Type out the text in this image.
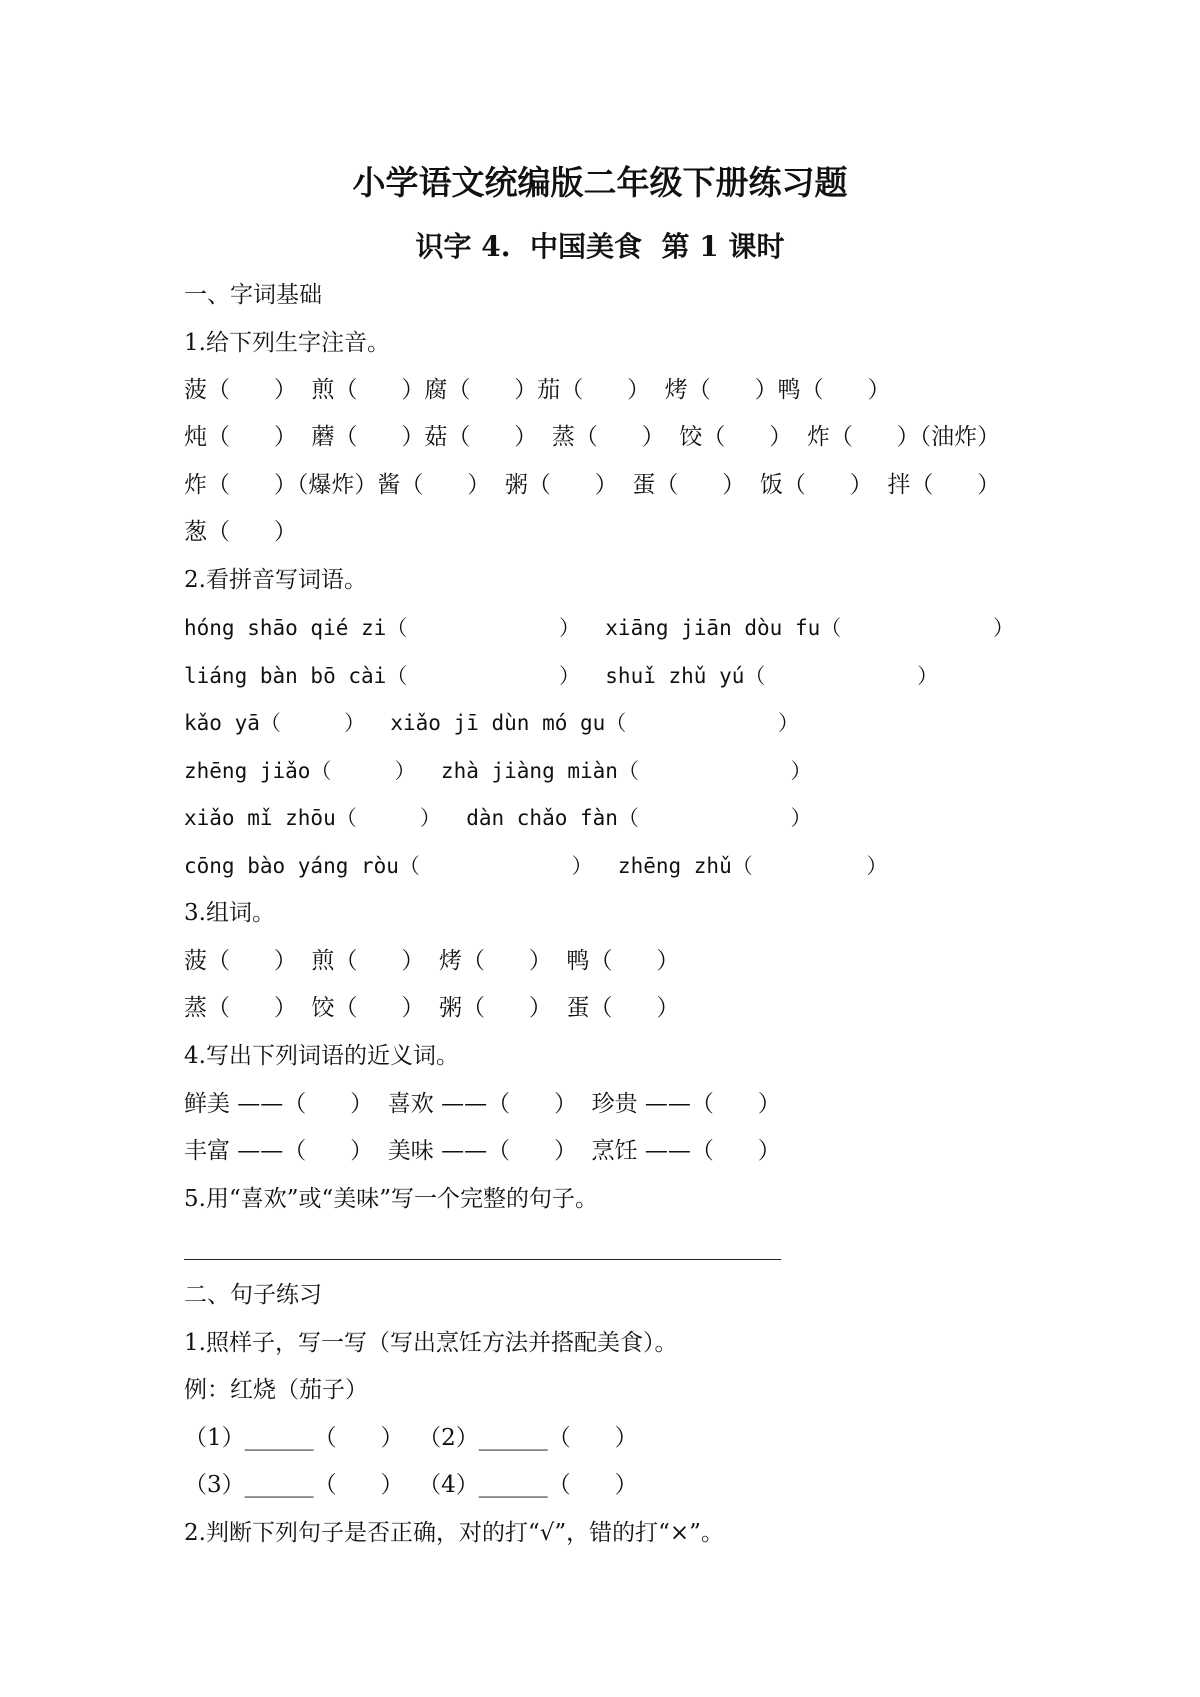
小学语文统编版二年级下册练习题
识字 4.  中国美食  第 1 课时
一、字词基础
1.给下列生字注音。
菠（      ）  煎（      ）腐（      ）茄（      ）  烤（      ）鸭（      ）
炖（      ）  蘑（      ）菇（      ）  蒸（      ）  饺（      ）  炸（      ）（油炸）
炸（      ）（爆炸）酱（      ）  粥（      ）  蛋（      ）  饭（      ）  拌（      ）
葱（      ）
2.看拼音写词语。
hóng shāo qié zi（            ）  xiāng jiān dòu fu（            ）
liáng bàn bō cài（            ）  shuǐ zhǔ yú（            ）
kǎo yā（     ）  xiǎo jī dùn mó gu（            ）
zhēng jiǎo（     ）  zhà jiàng miàn（            ）
xiǎo mǐ zhōu（     ）  dàn chǎo fàn（            ）
cōng bào yáng ròu（            ）  zhēng zhǔ（         ）
3.组词。
菠（      ）  煎（      ）  烤（      ）  鸭（      ）
蒸（      ）  饺（      ）  粥（      ）  蛋（      ）
4.写出下列词语的近义词。
鲜美 ——（      ）  喜欢 ——（      ）  珍贵 ——（      ）
丰富 ——（      ）  美味 ——（      ）  烹饪 ——（      ）
5.用“喜欢”或“美味”写一个完整的句子。
二、句子练习
1.照样子，写一写（写出烹饪方法并搭配美食）。
例：红烧（茄子）
（1）______（      ）  （2）______（      ）
（3）______（      ）  （4）______（      ）
2.判断下列句子是否正确，对的打“√”，错的打“×”。
